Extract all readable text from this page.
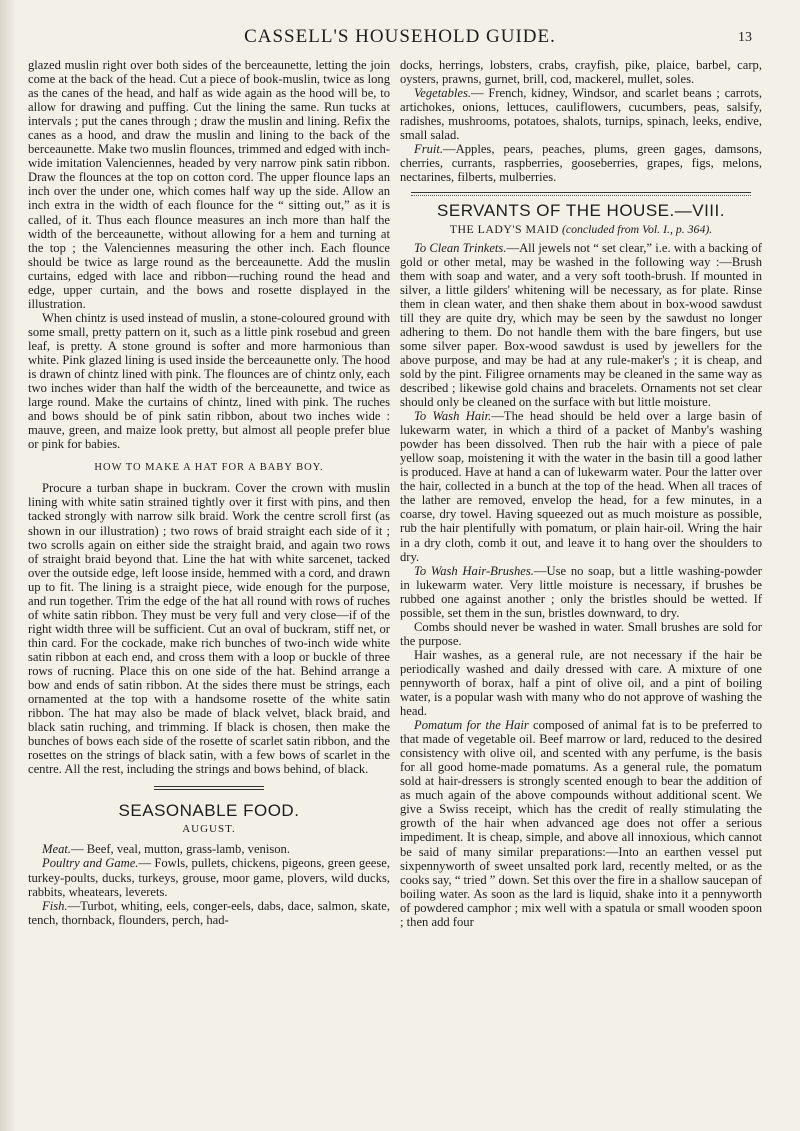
CASSELL'S HOUSEHOLD GUIDE.	13

glazed muslin right over both sides of the berceaunette, letting the join come at the back of the head. Cut a piece of book-muslin, twice as long as the canes of the head, and half as wide again as the hood will be, to allow for drawing and puffing. Cut the lining the same. Run tucks at intervals ; put the canes through ; draw the muslin and lining. Refix the canes as a hood, and draw the muslin and lining to the back of the berceaunette. Make two muslin flounces, trimmed and edged with inch-wide imitation Valenciennes, headed by very narrow pink satin ribbon. Draw the flounces at the top on cotton cord. The upper flounce laps an inch over the under one, which comes half way up the side. Allow an inch extra in the width of each flounce for the “ sitting out,” as it is called, of it. Thus each flounce measures an inch more than half the width of the berceaunette, without allowing for a hem and turning at the top ; the Valenciennes measuring the other inch. Each flounce should be twice as large round as the berceaunette. Add the muslin curtains, edged with lace and ribbon—ruching round the head and edge, upper curtain, and the bows and rosette displayed in the illustration.

When chintz is used instead of muslin, a stone-coloured ground with some small, pretty pattern on it, such as a little pink rosebud and green leaf, is pretty. A stone ground is softer and more harmonious than white. Pink glazed lining is used inside the berceaunette only. The hood is drawn of chintz lined with pink. The flounces are of chintz only, each two inches wider than half the width of the berceaunette, and twice as large round. Make the curtains of chintz, lined with pink. The ruches and bows should be of pink satin ribbon, about two inches wide : mauve, green, and maize look pretty, but almost all people prefer blue or pink for babies.

HOW TO MAKE A HAT FOR A BABY BOY.

Procure a turban shape in buckram. Cover the crown with muslin lining with white satin strained tightly over it first with pins, and then tacked strongly with narrow silk braid. Work the centre scroll first (as shown in our illustration) ; two rows of braid straight each side of it ; two scrolls again on either side the straight braid, and again two rows of straight braid beyond that. Line the hat with white sarcenet, tacked over the outside edge, left loose inside, hemmed with a cord, and drawn up to fit. The lining is a straight piece, wide enough for the purpose, and run together. Trim the edge of the hat all round with rows of ruches of white satin ribbon. They must be very full and very close—if of the right width three will be sufficient. Cut an oval of buckram, stiff net, or thin card. For the cockade, make rich bunches of two-inch wide white satin ribbon at each end, and cross them with a loop or buckle of three rows of rucning. Place this on one side of the hat. Behind arrange a bow and ends of satin ribbon. At the sides there must be strings, each ornamented at the top with a handsome rosette of the white satin ribbon. The hat may also be made of black velvet, black braid, and black satin ruching, and trimming. If black is chosen, then make the bunches of bows each side of the rosette of scarlet satin ribbon, and the rosettes on the strings of black satin, with a few bows of scarlet in the centre. All the rest, including the strings and bows behind, of black.

SEASONABLE FOOD.
AUGUST.

Meat.— Beef, veal, mutton, grass-lamb, venison.

Poultry and Game.— Fowls, pullets, chickens, pigeons, green geese, turkey-poults, ducks, turkeys, grouse, moor game, plovers, wild ducks, rabbits, wheatears, leverets.

Fish.—Turbot, whiting, eels, conger-eels, dabs, dace, salmon, skate, tench, thornback, flounders, perch, had-

docks, herrings, lobsters, crabs, crayfish, pike, plaice, barbel, carp, oysters, prawns, gurnet, brill, cod, mackerel, mullet, soles.

Vegetables.— French, kidney, Windsor, and scarlet beans ; carrots, artichokes, onions, lettuces, cauliflowers, cucumbers, peas, salsify, radishes, mushrooms, potatoes, shalots, turnips, spinach, leeks, endive, small salad.

Fruit.—Apples, pears, peaches, plums, green gages, damsons, cherries, currants, raspberries, gooseberries, grapes, figs, melons, nectarines, filberts, mulberries.

SERVANTS OF THE HOUSE.—VIII.
THE LADY'S MAID (concluded from Vol. I., p. 364).

To Clean Trinkets.—All jewels not “ set clear,” i.e. with a backing of gold or other metal, may be washed in the following way :—Brush them with soap and water, and a very soft tooth-brush. If mounted in silver, a little gilders' whitening will be necessary, as for plate. Rinse them in clean water, and then shake them about in box-wood sawdust till they are quite dry, which may be seen by the sawdust no longer adhering to them. Do not handle them with the bare fingers, but use some silver paper. Box-wood sawdust is used by jewellers for the above purpose, and may be had at any rule-maker's ; it is cheap, and sold by the pint. Filigree ornaments may be cleaned in the same way as described ; likewise gold chains and bracelets. Ornaments not set clear should only be cleaned on the surface with but little moisture.

To Wash Hair.—The head should be held over a large basin of lukewarm water, in which a third of a packet of Manby's washing powder has been dissolved. Then rub the hair with a piece of pale yellow soap, moistening it with the water in the basin till a good lather is produced. Have at hand a can of lukewarm water. Pour the latter over the hair, collected in a bunch at the top of the head. When all traces of the lather are removed, envelop the head, for a few minutes, in a coarse, dry towel. Having squeezed out as much moisture as possible, rub the hair plentifully with pomatum, or plain hair-oil. Wring the hair in a dry cloth, comb it out, and leave it to hang over the shoulders to dry.

To Wash Hair-Brushes.—Use no soap, but a little washing-powder in lukewarm water. Very little moisture is necessary, if brushes be rubbed one against another ; only the bristles should be wetted. If possible, set them in the sun, bristles downward, to dry.

Combs should never be washed in water. Small brushes are sold for the purpose.

Hair washes, as a general rule, are not necessary if the hair be periodically washed and daily dressed with care. A mixture of one pennyworth of borax, half a pint of olive oil, and a pint of boiling water, is a popular wash with many who do not approve of washing the head.

Pomatum for the Hair composed of animal fat is to be preferred to that made of vegetable oil. Beef marrow or lard, reduced to the desired consistency with olive oil, and scented with any perfume, is the basis for all good home-made pomatums. As a general rule, the pomatum sold at hair-dressers is strongly scented enough to bear the addition of as much again of the above compounds without additional scent. We give a Swiss receipt, which has the credit of really stimulating the growth of the hair when advanced age does not offer a serious impediment. It is cheap, simple, and above all innoxious, which cannot be said of many similar preparations:—Into an earthen vessel put sixpennyworth of sweet unsalted pork lard, recently melted, or as the cooks say, “ tried ” down. Set this over the fire in a shallow saucepan of boiling water. As soon as the lard is liquid, shake into it a pennyworth of powdered camphor ; mix well with a spatula or small wooden spoon ; then add four
